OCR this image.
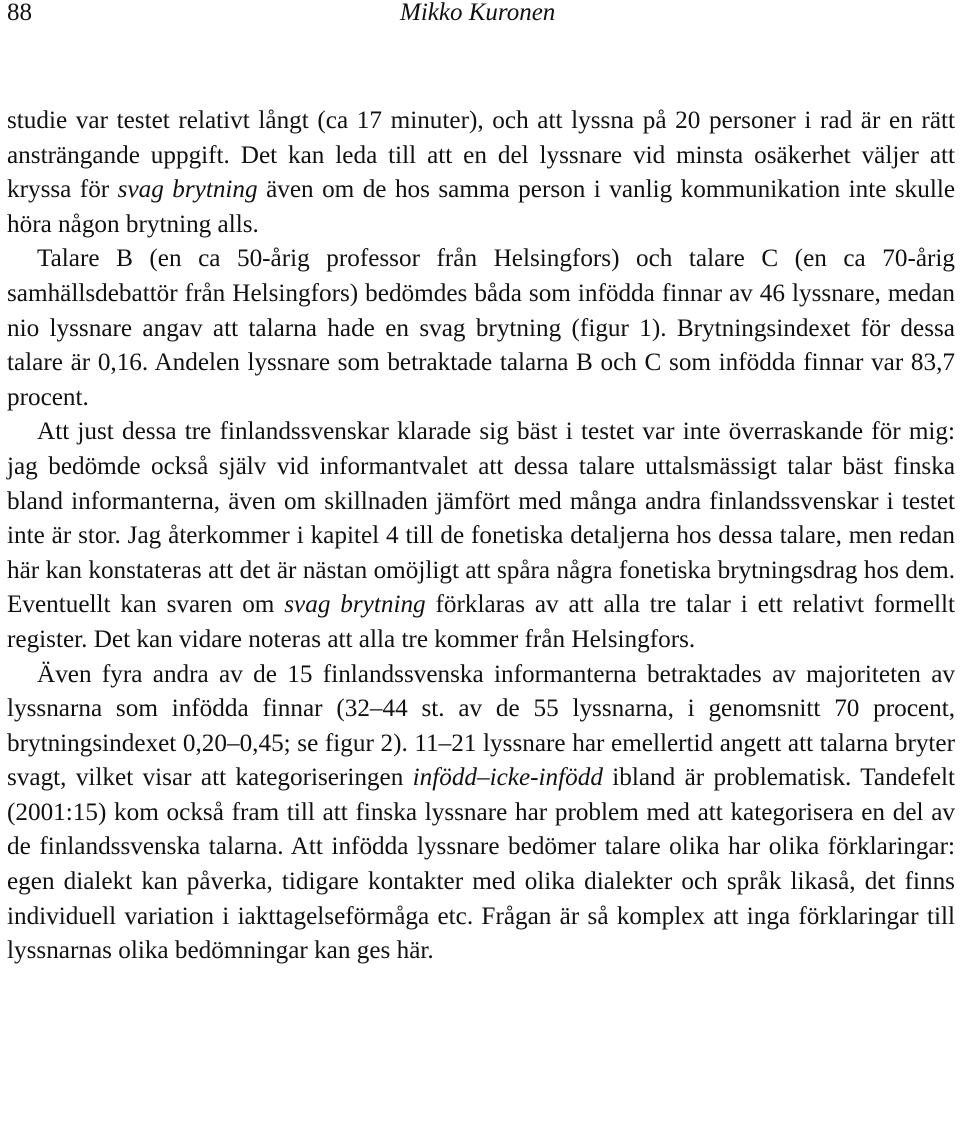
88	Mikko Kuronen

studie var testet relativt långt (ca 17 minuter), och att lyssna på 20 personer i rad är en rätt ansträngande uppgift. Det kan leda till att en del lyssnare vid minsta osäkerhet väljer att kryssa för svag brytning även om de hos samma person i vanlig kommunikation inte skulle höra någon brytning alls.

Talare B (en ca 50-årig professor från Helsingfors) och talare C (en ca 70-årig samhällsdebattör från Helsingfors) bedömdes båda som infödda finnar av 46 lyssnare, medan nio lyssnare angav att talarna hade en svag brytning (figur 1). Brytningsindexet för dessa talare är 0,16. Andelen lyssnare som betraktade talarna B och C som infödda finnar var 83,7 procent.

Att just dessa tre finlandssvenskar klarade sig bäst i testet var inte överraskande för mig: jag bedömde också själv vid informantvalet att dessa talare uttalsmässigt talar bäst finska bland informanterna, även om skillnaden jämfört med många andra finlandssvenskar i testet inte är stor. Jag återkommer i kapitel 4 till de fonetiska detaljerna hos dessa talare, men redan här kan konstateras att det är nästan omöjligt att spåra några fonetiska brytningsdrag hos dem. Eventuellt kan svaren om svag brytning förklaras av att alla tre talar i ett relativt formellt register. Det kan vidare noteras att alla tre kommer från Helsingfors.

Även fyra andra av de 15 finlandssvenska informanterna betraktades av majoriteten av lyssnarna som infödda finnar (32–44 st. av de 55 lyssnarna, i genomsnitt 70 procent, brytningsindexet 0,20–0,45; se figur 2). 11–21 lyssnare har emellertid angett att talarna bryter svagt, vilket visar att kategoriseringen infödd–icke-infödd ibland är problematisk. Tandefelt (2001:15) kom också fram till att finska lyssnare har problem med att kategorisera en del av de finlandssvenska talarna. Att infödda lyssnare bedömer talare olika har olika förklaringar: egen dialekt kan påverka, tidigare kontakter med olika dialekter och språk likaså, det finns individuell variation i iakttagelseförmåga etc. Frågan är så komplex att inga förklaringar till lyssnarnas olika bedömningar kan ges här.
